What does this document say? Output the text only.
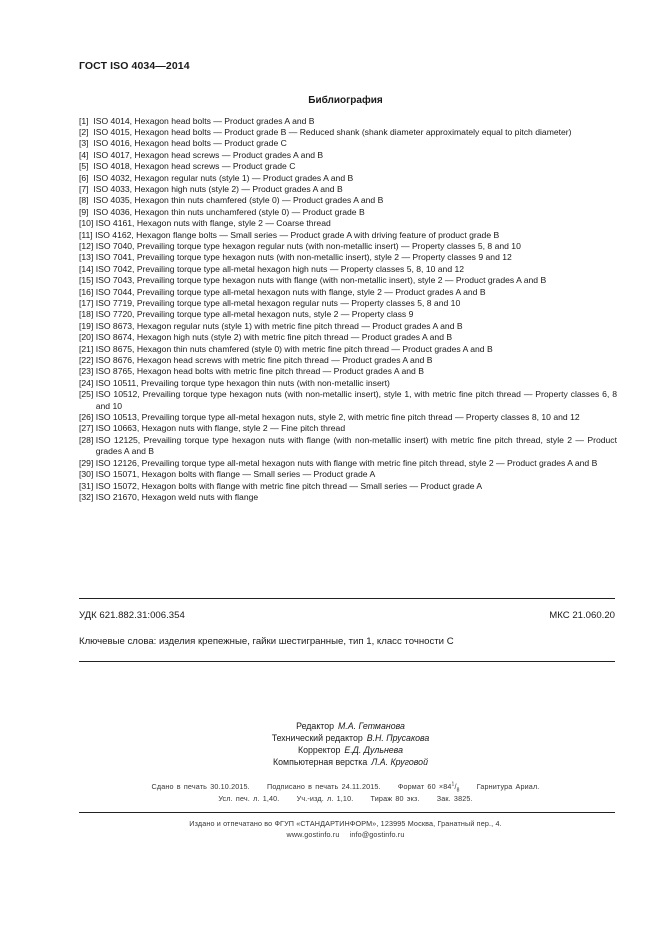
ГОСТ ISO 4034—2014
Библиография
[1] ISO 4014, Hexagon head bolts — Product grades A and B
[2] ISO 4015, Hexagon head bolts — Product grade B — Reduced shank (shank diameter approximately equal to pitch diameter)
[3] ISO 4016, Hexagon head bolts — Product grade C
[4] ISO 4017, Hexagon head screws — Product grades A and B
[5] ISO 4018, Hexagon head screws — Product grade C
[6] ISO 4032, Hexagon regular nuts (style 1) — Product grades A and B
[7] ISO 4033, Hexagon high nuts (style 2) — Product grades A and B
[8] ISO 4035, Hexagon thin nuts chamfered (style 0) — Product grades A and B
[9] ISO 4036, Hexagon thin nuts unchamfered (style 0) — Product grade B
[10] ISO 4161, Hexagon nuts with flange, style 2 — Coarse thread
[11] ISO 4162, Hexagon flange bolts — Small series — Product grade A with driving feature of product grade B
[12] ISO 7040, Prevailing torque type hexagon regular nuts (with non-metallic insert) — Property classes 5, 8 and 10
[13] ISO 7041, Prevailing torque type hexagon nuts (with non-metallic insert), style 2 — Property classes 9 and 12
[14] ISO 7042, Prevailing torque type all-metal hexagon high nuts — Property classes 5, 8, 10 and 12
[15] ISO 7043, Prevailing torque type hexagon nuts with flange (with non-metallic insert), style 2 — Product grades A and B
[16] ISO 7044, Prevailing torque type all-metal hexagon nuts with flange, style 2 — Product grades A and B
[17] ISO 7719, Prevailing torque type all-metal hexagon regular nuts — Property classes 5, 8 and 10
[18] ISO 7720, Prevailing torque type all-metal hexagon nuts, style 2 — Property class 9
[19] ISO 8673, Hexagon regular nuts (style 1) with metric fine pitch thread — Product grades A and B
[20] ISO 8674, Hexagon high nuts (style 2) with metric fine pitch thread — Product grades A and B
[21] ISO 8675, Hexagon thin nuts chamfered (style 0) with metric fine pitch thread — Product grades A and B
[22] ISO 8676, Hexagon head screws with metric fine pitch thread — Product grades A and B
[23] ISO 8765, Hexagon head bolts with metric fine pitch thread — Product grades A and B
[24] ISO 10511, Prevailing torque type hexagon thin nuts (with non-metallic insert)
[25] ISO 10512, Prevailing torque type hexagon nuts (with non-metallic insert), style 1, with metric fine pitch thread — Property classes 6, 8 and 10
[26] ISO 10513, Prevailing torque type all-metal hexagon nuts, style 2, with metric fine pitch thread — Property classes 8, 10 and 12
[27] ISO 10663, Hexagon nuts with flange, style 2 — Fine pitch thread
[28] ISO 12125, Prevailing torque type hexagon nuts with flange (with non-metallic insert) with metric fine pitch thread, style 2 — Product grades A and B
[29] ISO 12126, Prevailing torque type all-metal hexagon nuts with flange with metric fine pitch thread, style 2 — Product grades A and B
[30] ISO 15071, Hexagon bolts with flange — Small series — Product grade A
[31] ISO 15072, Hexagon bolts with flange with metric fine pitch thread — Small series — Product grade A
[32] ISO 21670, Hexagon weld nuts with flange
УДК 621.882.31:006.354	МКС 21.060.20
Ключевые слова: изделия крепежные, гайки шестигранные, тип 1, класс точности C
Редактор М.А. Гетманова
Технический редактор В.Н. Прусакова
Корректор Е.Д. Дульнева
Компьютерная верстка Л.А. Круговой
Сдано в печать 30.10.2015. Подписано в печать 24.11.2015. Формат $60 \times 84^1/_8$ Гарнитура Ариал.
Усл. печ. л. 1,40. Уч.-изд. л. 1,10. Тираж 80 экз. Зак. 3825.
Издано и отпечатано во ФГУП «СТАНДАРТИНФОРМ», 123995 Москва, Гранатный пер., 4.
www.gostinfo.ru info@gostinfo.ru
